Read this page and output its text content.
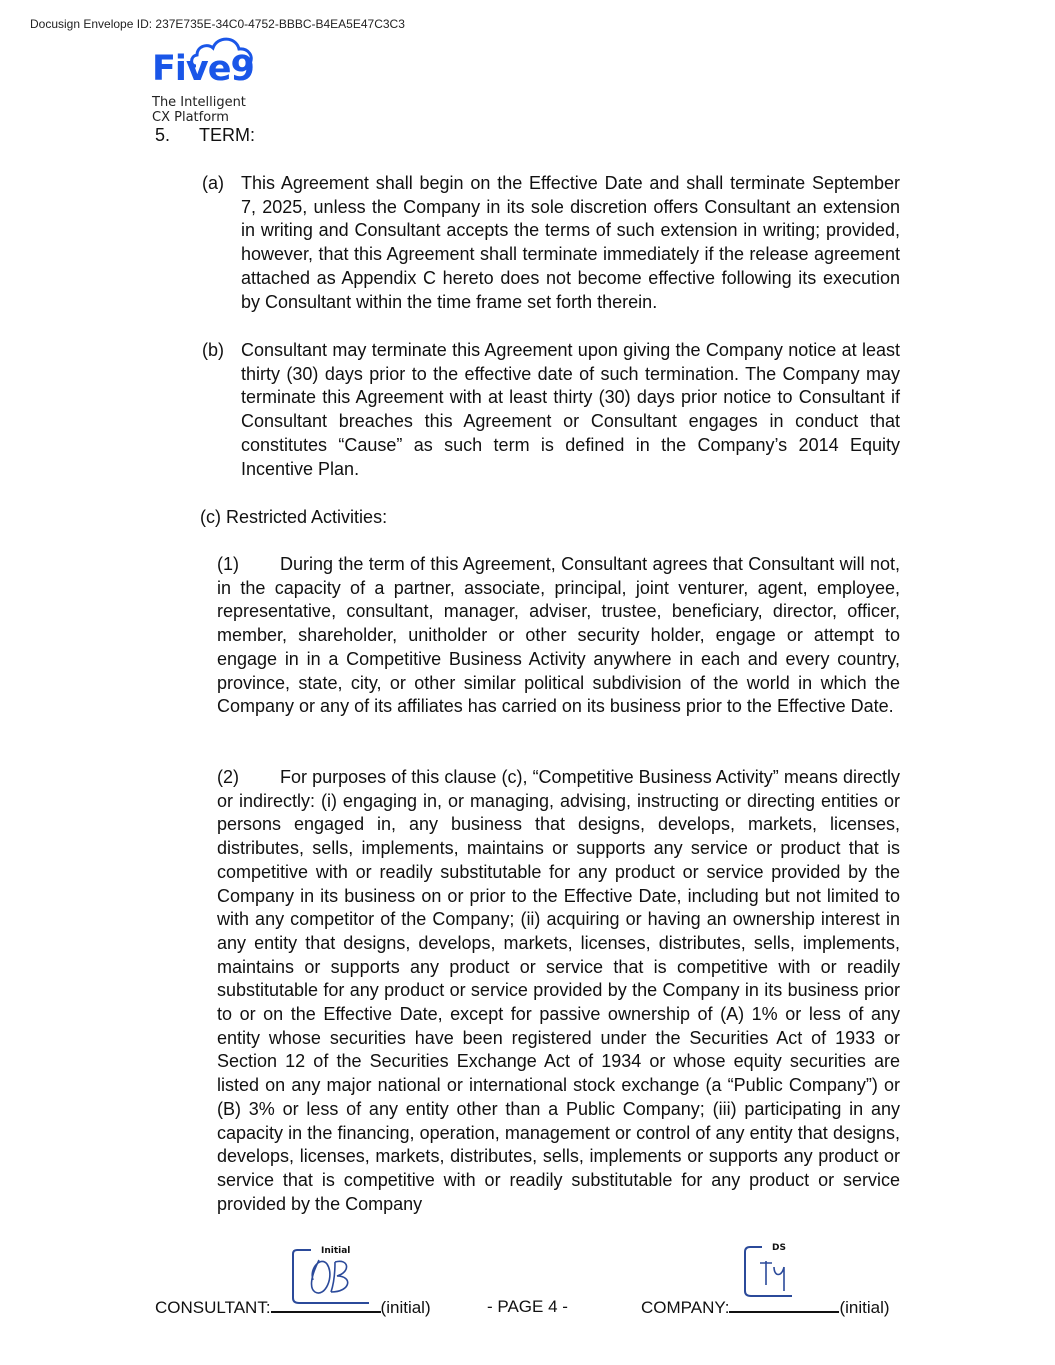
Docusign Envelope ID: 237E735E-34C0-4752-BBBC-B4EA5E47C3C3
Five9
The Intelligent
CX Platform
5. TERM:
(a) This Agreement shall begin on the Effective Date and shall terminate September 7, 2025, unless the Company in its sole discretion offers Consultant an extension in writing and Consultant accepts the terms of such extension in writing; provided, however, that this Agreement shall terminate immediately if the release agreement attached as Appendix C hereto does not become effective following its execution by Consultant within the time frame set forth therein.
(b) Consultant may terminate this Agreement upon giving the Company notice at least thirty (30) days prior to the effective date of such termination. The Company may terminate this Agreement with at least thirty (30) days prior notice to Consultant if Consultant breaches this Agreement or Consultant engages in conduct that constitutes “Cause” as such term is defined in the Company’s 2014 Equity Incentive Plan.
(c) Restricted Activities:
(1) During the term of this Agreement, Consultant agrees that Consultant will not, in the capacity of a partner, associate, principal, joint venturer, agent, employee, representative, consultant, manager, adviser, trustee, beneficiary, director, officer, member, shareholder, unitholder or other security holder, engage or attempt to engage in in a Competitive Business Activity anywhere in each and every country, province, state, city, or other similar political subdivision of the world in which the Company or any of its affiliates has carried on its business prior to the Effective Date.
(2) For purposes of this clause (c), “Competitive Business Activity” means directly or indirectly: (i) engaging in, or managing, advising, instructing or directing entities or persons engaged in, any business that designs, develops, markets, licenses, distributes, sells, implements, maintains or supports any service or product that is competitive with or readily substitutable for any product or service provided by the Company in its business on or prior to the Effective Date, including but not limited to with any competitor of the Company; (ii) acquiring or having an ownership interest in any entity that designs, develops, markets, licenses, distributes, sells, implements, maintains or supports any product or service that is competitive with or readily substitutable for any product or service provided by the Company in its business prior to or on the Effective Date, except for passive ownership of (A) 1% or less of any entity whose securities have been registered under the Securities Act of 1933 or Section 12 of the Securities Exchange Act of 1934 or whose equity securities are listed on any major national or international stock exchange (a “Public Company”) or (B) 3% or less of any entity other than a Public Company; (iii) participating in any capacity in the financing, operation, management or control of any entity that designs, develops, licenses, markets, distributes, sells, implements or supports any product or service that is competitive with or readily substitutable for any product or service provided by the Company
Initial	DS
CONSULTANT:	(initial)	- PAGE 4 -	COMPANY:	(initial)
